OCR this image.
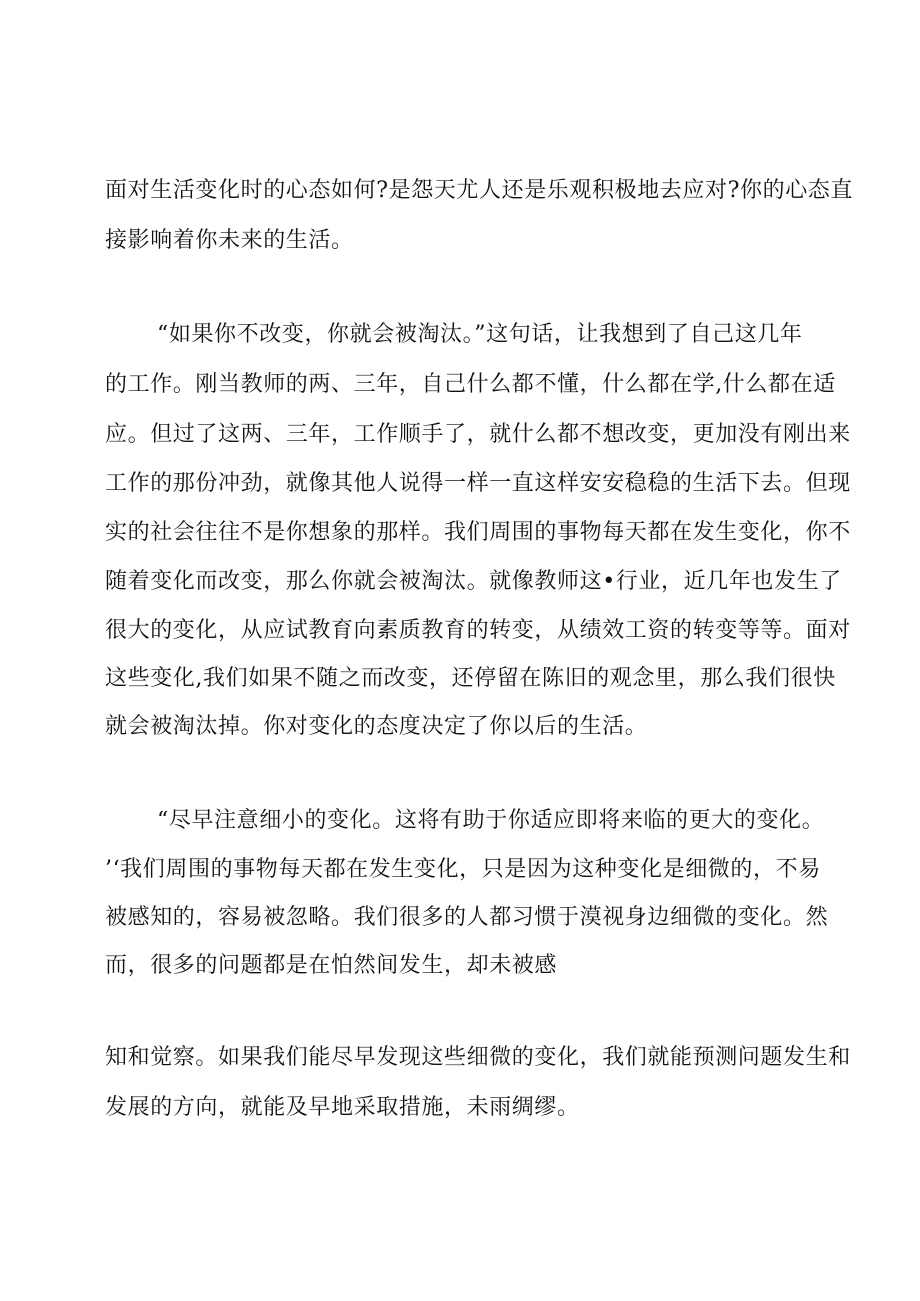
面对生活变化时的心态如何?是怨天尤人还是乐观积极地去应对?你的心态直
接影响着你未来的生活。
“如果你不改变，你就会被淘汰。”这句话，让我想到了自己这几年
的工作。刚当教师的两、三年，自己什么都不懂，什么都在学,什么都在适
应。但过了这两、三年，工作顺手了，就什么都不想改变，更加没有刚出来
工作的那份冲劲，就像其他人说得一样一直这样安安稳稳的生活下去。但现
实的社会往往不是你想象的那样。我们周围的事物每天都在发生变化，你不
随着变化而改变，那么你就会被淘汰。就像教师这•行业，近几年也发生了
很大的变化，从应试教育向素质教育的转变，从绩效工资的转变等等。面对
这些变化,我们如果不随之而改变，还停留在陈旧的观念里，那么我们很快
就会被淘汰掉。你对变化的态度决定了你以后的生活。
“尽早注意细小的变化。这将有助于你适应即将来临的更大的变化。
’‘我们周围的事物每天都在发生变化，只是因为这种变化是细微的，不易
被感知的，容易被忽略。我们很多的人都习惯于漠视身边细微的变化。然
而，很多的问题都是在怕然间发生，却未被感
知和觉察。如果我们能尽早发现这些细微的变化，我们就能预测问题发生和
发展的方向，就能及早地采取措施，未雨绸缪。
